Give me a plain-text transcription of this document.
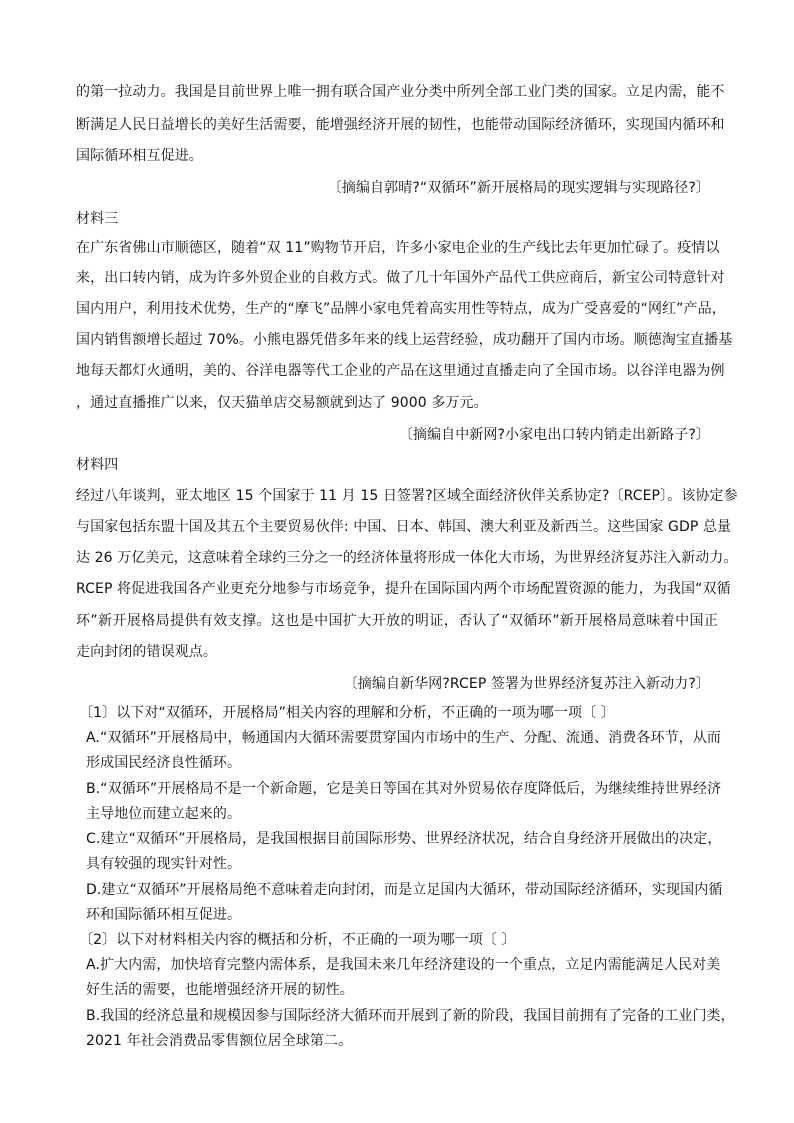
的第一拉动力。我国是目前世界上唯一拥有联合国产业分类中所列全部工业门类的国家。立足内需，能不
断满足人民日益增长的美好生活需要，能增强经济开展的韧性，也能带动国际经济循环，实现国内循环和
国际循环相互促进。
〔摘编自郭晴?“双循环”新开展格局的现实逻辑与实现路径?〕
材料三
在广东省佛山市顺德区，随着“双 11”购物节开启，许多小家电企业的生产线比去年更加忙碌了。疫情以
来，出口转内销，成为许多外贸企业的自救方式。做了几十年国外产品代工供应商后，新宝公司特意针对
国内用户，利用技术优势，生产的“摩飞”品牌小家电凭着高实用性等特点，成为广受喜爱的“网红”产品，
国内销售额增长超过 70%。小熊电器凭借多年来的线上运营经验，成功翻开了国内市场。顺德淘宝直播基
地每天都灯火通明，美的、谷洋电器等代工企业的产品在这里通过直播走向了全国市场。以谷洋电器为例
，通过直播推广以来，仅天猫单店交易额就到达了 9000 多万元。
〔摘编自中新网?小家电出口转内销走出新路子?〕
材料四
经过八年谈判，亚太地区 15 个国家于 11 月 15 日签署?区域全面经济伙伴关系协定?〔RCEP〕。该协定参
与国家包括东盟十国及其五个主要贸易伙伴: 中国、日本、韩国、澳大利亚及新西兰。这些国家 GDP 总量
达 26 万亿美元，这意味着全球约三分之一的经济体量将形成一体化大市场，为世界经济复苏注入新动力。
RCEP 将促进我国各产业更充分地参与市场竞争，提升在国际国内两个市场配置资源的能力，为我国“双循
环”新开展格局提供有效支撑。这也是中国扩大开放的明证，否认了“双循环”新开展格局意味着中国正
走向封闭的错误观点。
〔摘编自新华网?RCEP 签署为世界经济复苏注入新动力?〕
〔1〕以下对“双循环，开展格局”相关内容的理解和分析，不正确的一项为哪一项〔 〕
A.“双循环”开展格局中，畅通国内大循环需要贯穿国内市场中的生产、分配、流通、消费各环节，从而
形成国民经济良性循环。
B.“双循环”开展格局不是一个新命题，它是美日等国在其对外贸易依存度降低后，为继续维持世界经济
主导地位而建立起来的。
C.建立“双循环”开展格局，是我国根据目前国际形势、世界经济状况，结合自身经济开展做出的决定，
具有较强的现实针对性。
D.建立“双循环”开展格局绝不意味着走向封闭，而是立足国内大循环，带动国际经济循环，实现国内循
环和国际循环相互促进。
〔2〕以下对材料相关内容的概括和分析，不正确的一项为哪一项〔 〕
A.扩大内需，加快培育完整内需体系，是我国未来几年经济建设的一个重点，立足内需能满足人民对美
好生活的需要，也能增强经济开展的韧性。
B.我国的经济总量和规模因参与国际经济大循环而开展到了新的阶段，我国目前拥有了完备的工业门类，
2021 年社会消费品零售额位居全球第二。
